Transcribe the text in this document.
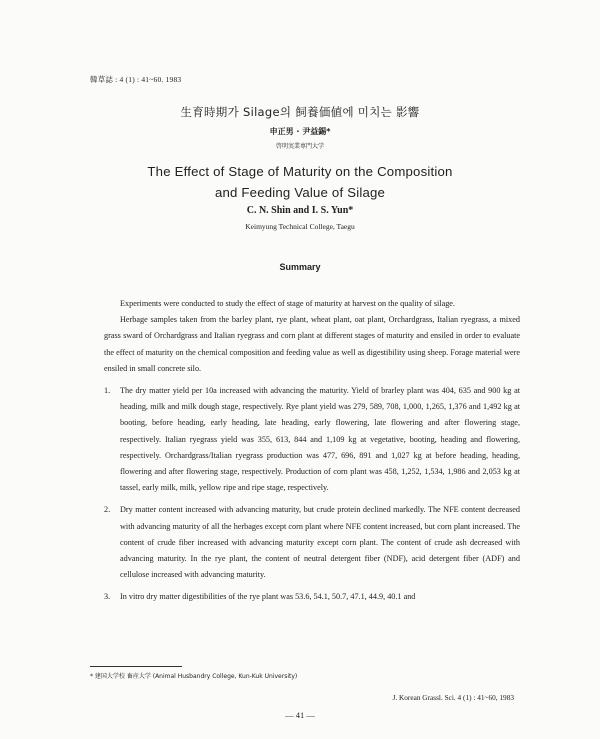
韓草誌 : 4 (1) : 41~60. 1983
生育時期가 Silage의 飼養価値에 미치는 影響
申正男 · 尹益錫*
啓明実業専門大学
The Effect of Stage of Maturity on the Composition
and Feeding Value of Silage
C. N. Shin and I. S. Yun*
Keimyung Technical College, Taegu
Summary

Experiments were conducted to study the effect of stage of maturity at harvest on the quality of silage.

Herbage samples taken from the barley plant, rye plant, wheat plant, oat plant, Orchardgrass, Italian ryegrass, a mixed grass sward of Orchardgrass and Italian ryegrass and corn plant at different stages of maturity and ensiled in order to evaluate the effect of maturity on the chemical composition and feeding value as well as digestibility using sheep. Forage material were ensiled in small concrete silo.

1. The dry matter yield per 10a increased with advancing the maturity. Yield of brarley plant was 404, 635 and 900 kg at heading, milk and milk dough stage, respectively. Rye plant yield was 279, 589, 708, 1,000, 1,265, 1,376 and 1,492 kg at booting, before heading, early heading, late heading, early flowering, late flowering and after flowering stage, respectively. Italian ryegrass yield was 355, 613, 844 and 1,109 kg at vegetative, booting, heading and flowering, respectively. Orchardgrass/Italian ryegrass production was 477, 696, 891 and 1,027 kg at before heading, heading, flowering and after flowering stage, respectively. Production of corn plant was 458, 1,252, 1,534, 1,986 and 2,053 kg at tassel, early milk, milk, yellow ripe and ripe stage, respectively.
2. Dry matter content increased with advancing maturity, but crude protein declined markedly. The NFE content decreased with advancing maturity of all the herbages except corn plant where NFE content increased, but corn plant increased. The content of crude fiber increased with advancing maturity except corn plant. The content of crude ash decreased with advancing maturity. In the rye plant, the content of neutral detergent fiber (NDF), acid detergent fiber (ADF) and cellulose increased with advancing maturity.
3. In vitro dry matter digestibilities of the rye plant was 53.6, 54.1, 50.7, 47.1, 44.9, 40.1 and
* 建国大学校 畜産大学 (Animal Husbandry College, Kun-Kuk University)
J. Korean Grassl. Sci. 4 (1) : 41~60, 1983
— 41 —
